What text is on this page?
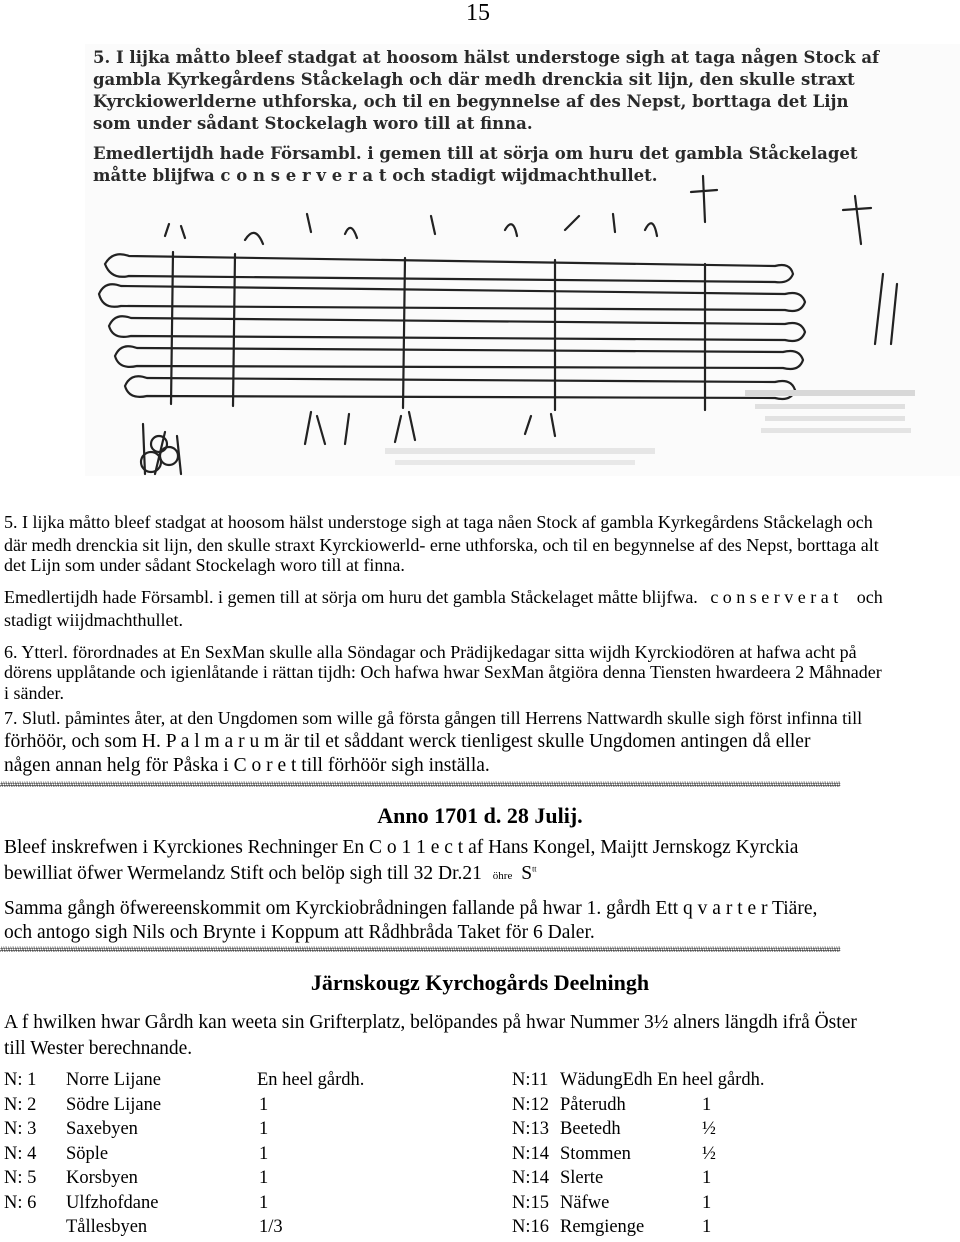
15
5. I lijka måtto bleef stadgat at hoosom hälst understoge sigh at taga någen Stock af
gambla Kyrkegårdens Ståckelagh och där medh drenckia sit lijn, den skulle straxt
Kyrckiowerlderne uthforska, och til en begynnelse af des Nepst, borttaga det Lijn
som under sådant Stockelagh woro till at finna.
Emedlertijdh hade Försambl. i gemen till at sörja om huru det gambla Ståckelaget
måtte blijfwa c o n s e r v e r a t och stadigt wijdmachthullet.
5. I lijka måtto bleef stadgat at hoosom hälst understoge sigh at taga nåen Stock af gambla Kyrkegårdens Ståckelagh och
där medh drenckia sit lijn, den skulle straxt Kyrckiowerld- erne uthforska, och til en begynnelse af des Nepst, borttaga alt
det Lijn som under sådant Stockelagh woro till at finna.
Emedlertijdh hade Försambl. i gemen till at sörja om huru det gambla Ståckelaget måtte blijfwa. c o n s e r v e r a t och
stadigt wiijdmachthullet.
6. Ytterl. förordnades at En SexMan skulle alla Söndagar och Prädijkedagar sitta wijdh Kyrckiodören at hafwa acht på
dörens upplåtande och igienlåtande i rättan tijdh: Och hafwa hwar SexMan åtgiöra denna Tiensten hwardeera 2 Måhnader
i sänder.
7. Slutl. påmintes åter, at den Ungdomen som wille gå första gången till Herrens Nattwardh skulle sigh först infinna till
förhöör, och som H. P a l m a r u m är til et såddant werck tienligest skulle Ungdomen antingen då eller
någen annan helg för Påska i C o r e t till förhöör sigh inställa.
################################################################################################################################################################################################################################################
Anno 1701 d. 28 Julij.
Bleef inskrefwen i Kyrckiones Rechninger En C o 1 1 e c t af Hans Kongel, Maijtt Jernskogz Kyrckia
bewilliat öfwer Wermelandz Stift och belöp sigh till 32 Dr.21 öhre $S^{tt}$
Samma gångh öfwereenskommit om Kyrckiobrådningen fallande på hwar 1. gårdh Ett q v a r t e r Tiäre,
och antogo sigh Nils och Brynte i Koppum att Rådhbråda Taket för 6 Daler.
################################################################################################################################################################################################################################################
Järnskougz Kyrchogårds Deelningh
A f hwilken hwar Gårdh kan weeta sin Grifterplatz, belöpandes på hwar Nummer 3½ alners längdh ifrå Öster
till Wester berechnande.
N: 1 Norre Lijane	En heel gårdh.
N: 2 Södre Lijane	1
N: 3 Saxebyen	1
N: 4 Söple	1
N: 5 Korsbyen	1
N: 6 Ulfzhofdane	1
Tållesbyen	1/3
N:11 WädungEdh En heel gårdh.
N:12 Påterudh	1
N:13 Beetedh	½
N:14 Stommen	½
N:14 Slerte	1
N:15 Näfwe	1
N:16 Remgienge	1
